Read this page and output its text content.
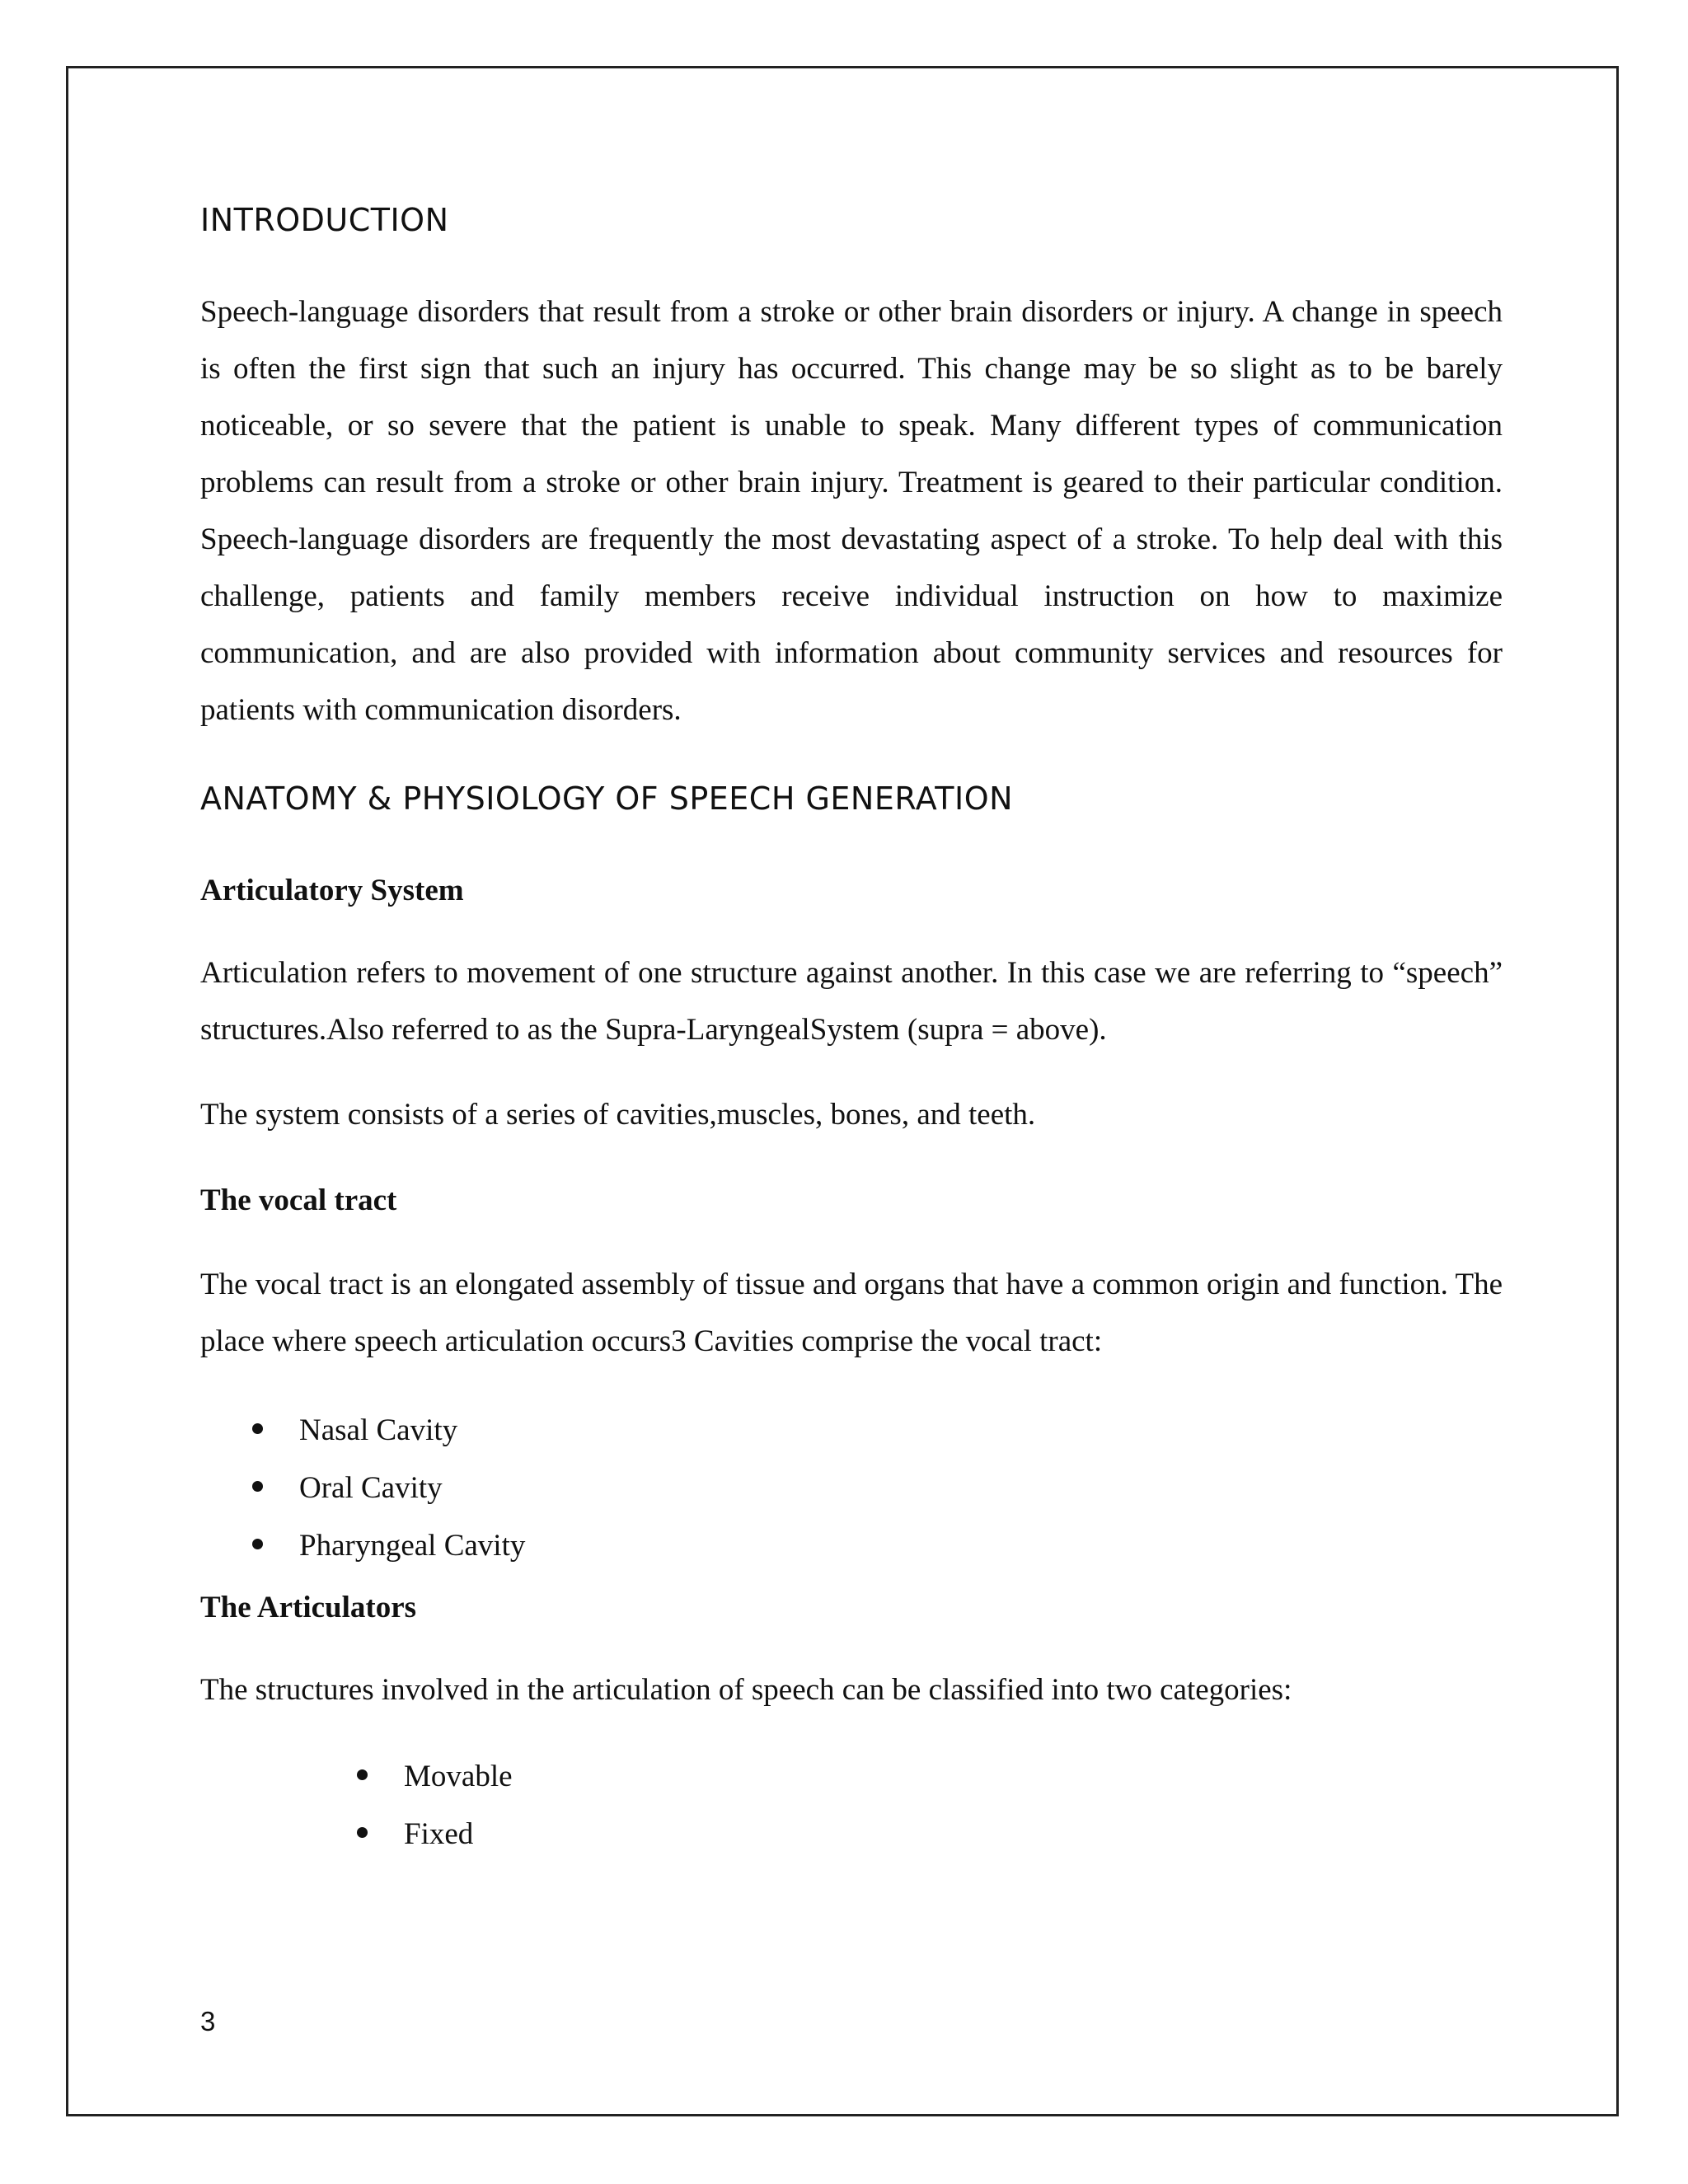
INTRODUCTION

Speech-language disorders that result from a stroke or other brain disorders or injury. A change in speech is often the first sign that such an injury has occurred. This change may be so slight as to be barely noticeable, or so severe that the patient is unable to speak. Many different types of communication problems can result from a stroke or other brain injury. Treatment is geared to their particular condition. Speech-language disorders are frequently the most devastating aspect of a stroke. To help deal with this challenge, patients and family members receive individual instruction on how to maximize communication, and are also provided with information about community services and resources for patients with communication disorders.

ANATOMY & PHYSIOLOGY OF SPEECH GENERATION
Articulatory System

Articulation refers to movement of one structure against another. In this case we are referring to “speech” structures.Also referred to as the Supra-LaryngealSystem (supra = above).

The system consists of a series of cavities,muscles, bones, and teeth.

The vocal tract

The vocal tract is an elongated assembly of tissue and organs that have a common origin and function. The place where speech articulation occurs3 Cavities comprise the vocal tract:

Nasal Cavity
Oral Cavity
Pharyngeal Cavity
The Articulators

The structures involved in the articulation of speech can be classified into two categories:

Movable
Fixed
3
